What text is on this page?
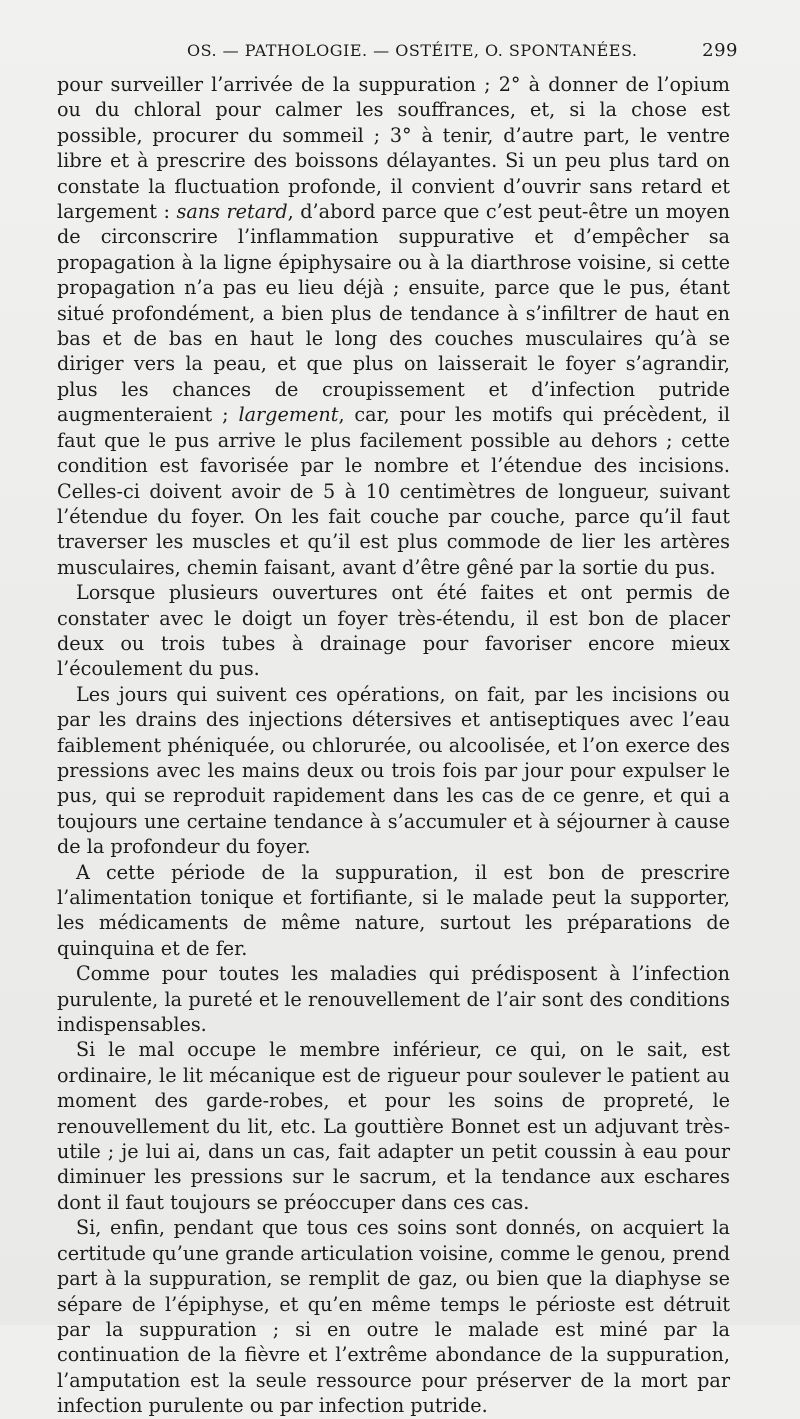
OS. — PATHOLOGIE. — OSTÉITE, O. SPONTANÉES.	299

pour surveiller l’arrivée de la suppuration ; 2° à donner de l’opium ou du chloral pour calmer les souffrances, et, si la chose est possible, procurer du sommeil ; 3° à tenir, d’autre part, le ventre libre et à prescrire des boissons délayantes. Si un peu plus tard on constate la fluctuation profonde, il convient d’ouvrir sans retard et largement : sans retard, d’abord parce que c’est peut-être un moyen de circonscrire l’inflammation suppurative et d’empêcher sa propagation à la ligne épiphysaire ou à la diarthrose voisine, si cette propagation n’a pas eu lieu déjà ; ensuite, parce que le pus, étant situé profondément, a bien plus de tendance à s’infiltrer de haut en bas et de bas en haut le long des couches musculaires qu’à se diriger vers la peau, et que plus on laisserait le foyer s’agrandir, plus les chances de croupissement et d’infection putride augmenteraient ; largement, car, pour les motifs qui précèdent, il faut que le pus arrive le plus facilement possible au dehors ; cette condition est favorisée par le nombre et l’étendue des incisions. Celles-ci doivent avoir de 5 à 10 centimètres de longueur, suivant l’étendue du foyer. On les fait couche par couche, parce qu’il faut traverser les muscles et qu’il est plus commode de lier les artères musculaires, chemin faisant, avant d’être gêné par la sortie du pus.

Lorsque plusieurs ouvertures ont été faites et ont permis de constater avec le doigt un foyer très-étendu, il est bon de placer deux ou trois tubes à drainage pour favoriser encore mieux l’écoulement du pus.

Les jours qui suivent ces opérations, on fait, par les incisions ou par les drains des injections détersives et antiseptiques avec l’eau faiblement phéniquée, ou chlorurée, ou alcoolisée, et l’on exerce des pressions avec les mains deux ou trois fois par jour pour expulser le pus, qui se reproduit rapidement dans les cas de ce genre, et qui a toujours une certaine tendance à s’accumuler et à séjourner à cause de la profondeur du foyer.

A cette période de la suppuration, il est bon de prescrire l’alimentation tonique et fortifiante, si le malade peut la supporter, les médicaments de même nature, surtout les préparations de quinquina et de fer.

Comme pour toutes les maladies qui prédisposent à l’infection purulente, la pureté et le renouvellement de l’air sont des conditions indispensables.

Si le mal occupe le membre inférieur, ce qui, on le sait, est ordinaire, le lit mécanique est de rigueur pour soulever le patient au moment des garde-robes, et pour les soins de propreté, le renouvellement du lit, etc. La gouttière Bonnet est un adjuvant très-utile ; je lui ai, dans un cas, fait adapter un petit coussin à eau pour diminuer les pressions sur le sacrum, et la tendance aux eschares dont il faut toujours se préoccuper dans ces cas.

Si, enfin, pendant que tous ces soins sont donnés, on acquiert la certitude qu’une grande articulation voisine, comme le genou, prend part à la suppuration, se remplit de gaz, ou bien que la diaphyse se sépare de l’épiphyse, et qu’en même temps le périoste est détruit par la suppuration ; si en outre le malade est miné par la continuation de la fièvre et l’extrême abondance de la suppuration, l’amputation est la seule ressource pour préserver de la mort par infection purulente ou par infection putride.
